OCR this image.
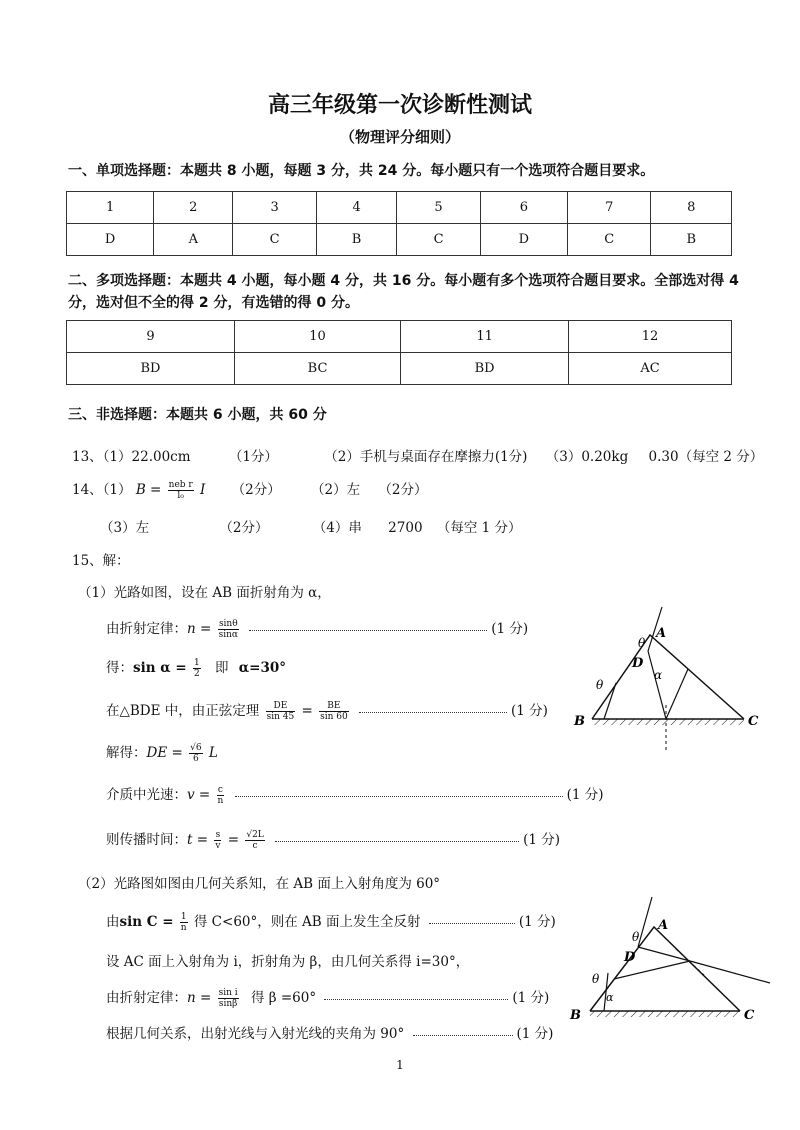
高三年级第一次诊断性测试
（物理评分细则）
一、单项选择题：本题共 8 小题，每题 3 分，共 24 分。每小题只有一个选项符合题目要求。
1	2	3	4	5	6	7	8
D	A	C	B	C	D	C	B
二、多项选择题：本题共 4 小题，每小题 4 分，共 16 分。每小题有多个选项符合题目要求。全部选对得 4
分，选对但不全的得 2 分，有选错的得 0 分。
9	10	11	12
BD	BC	BD	AC
三、非选择题：本题共 6 小题，共 60 分
13、（1）22.00cm	（1分）	（2）手机与桌面存在摩擦力(1分) （3）0.20kg 0.30（每空 2 分）
14、（1） $B = \frac{\text{neb r}}{\text{l₀}}$ I （2分） （2）左 （2分）
（3）左	（2分）	（4）串 2700 （每空 1 分）
15、解：
（1）光路如图，设在 AB 面折射角为 α，
由折射定律：$n = \frac{\sin\theta}{\sin\alpha}$	(1 分)
得：$\sin \alpha = \frac{1}{2}$ 即 α=30°
在△BDE 中，由正弦定理 $\frac{DE}{\sin 45} = \frac{BE}{\sin 60}$	(1 分)
解得：DE = $\frac{√6}{6}$ L
介质中光速：$v = \frac{c}{n}$	(1 分)
则传播时间：$t = \frac{s}{v} = \frac{√2L}{c}$	(1 分)
（2）光路图如图由几何关系知，在 AB 面上入射角度为 60°
由$\sin C = \frac{1}{n}$ 得 C<60°，则在 AB 面上发生全反射	(1 分)
设 AC 面上入射角为 i，折射角为 β，由几何关系得 i=30°，
由折射定律：$n = \frac{\text{sin i}}{\sin\beta}$ 得 β =60°	(1 分)
根据几何关系，出射光线与入射光线的夹角为 90°	(1 分)
A
B	C
D
θ
θ
α
A
B	C
D
θ
θ
α
1
